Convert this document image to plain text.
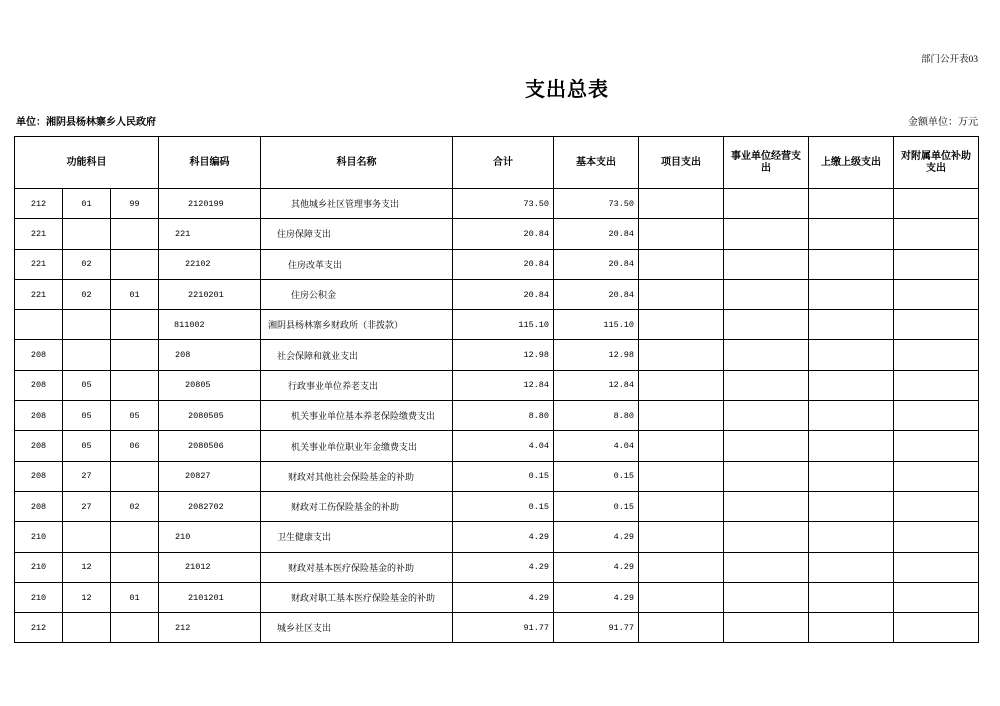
部门公开表03
支出总表
单位：湘阴县杨林寨乡人民政府	金额单位：万元
功能科目			科目编码	科目名称	合计	基本支出	项目支出	事业单位经营支出	上缴上级支出	对附属单位补助支出
212	01	99	2120199	其他城乡社区管理事务支出	73.50	73.50				
221			221	住房保障支出	20.84	20.84				
221	02		22102	住房改革支出	20.84	20.84				
221	02	01	2210201	住房公积金	20.84	20.84				
			811002	湘阴县杨林寨乡财政所（非拨款）	115.10	115.10				
208			208	社会保障和就业支出	12.98	12.98				
208	05		20805	行政事业单位养老支出	12.84	12.84				
208	05	05	2080505	机关事业单位基本养老保险缴费支出	8.80	8.80				
208	05	06	2080506	机关事业单位职业年金缴费支出	4.04	4.04				
208	27		20827	财政对其他社会保险基金的补助	0.15	0.15				
208	27	02	2082702	财政对工伤保险基金的补助	0.15	0.15				
210			210	卫生健康支出	4.29	4.29				
210	12		21012	财政对基本医疗保险基金的补助	4.29	4.29				
210	12	01	2101201	财政对职工基本医疗保险基金的补助	4.29	4.29				
212			212	城乡社区支出	91.77	91.77				
